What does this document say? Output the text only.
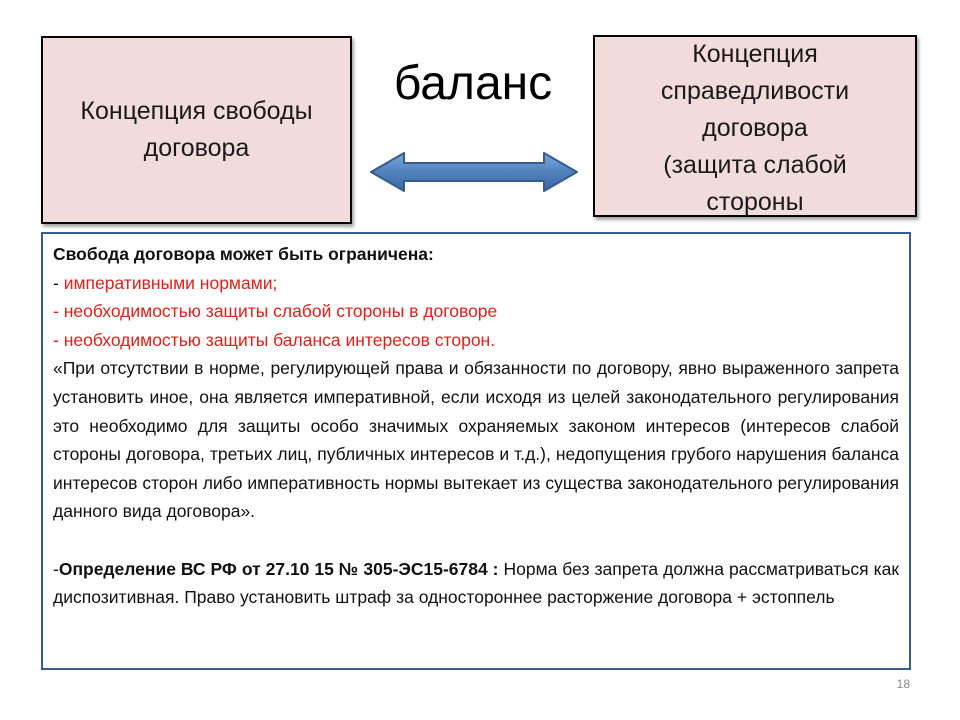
Концепция свободы
договора
баланс
Концепция
справедливости
договора
(защита слабой
стороны
Свобода договора может быть ограничена:
- императивными нормами;
- необходимостью защиты слабой стороны в договоре
- необходимостью защиты баланса интересов сторон.
«При отсутствии в норме, регулирующей права и обязанности по договору, явно выраженного запрета установить иное, она является императивной, если исходя из целей законодательного регулирования это необходимо для защиты особо значимых охраняемых законом интересов (интересов слабой стороны договора, третьих лиц, публичных интересов и т.д.), недопущения грубого нарушения баланса интересов сторон либо императивность нормы вытекает из существа законодательного регулирования данного вида договора».
-Определение ВС РФ от 27.10 15 № 305-ЭС15-6784 : Норма без запрета должна рассматриваться как диспозитивная. Право установить штраф за одностороннее расторжение договора + эстоппель
18
